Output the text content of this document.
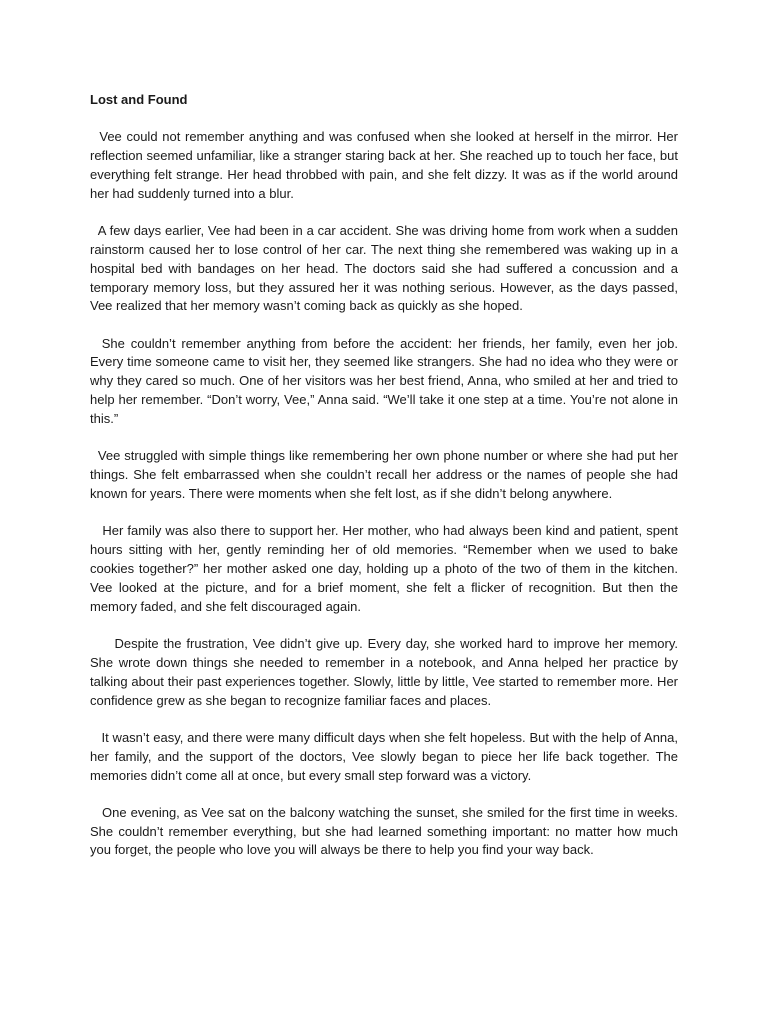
Lost and Found

Vee could not remember anything and was confused when she looked at herself in the mirror. Her reflection seemed unfamiliar, like a stranger staring back at her. She reached up to touch her face, but everything felt strange. Her head throbbed with pain, and she felt dizzy. It was as if the world around her had suddenly turned into a blur.

A few days earlier, Vee had been in a car accident. She was driving home from work when a sudden rainstorm caused her to lose control of her car. The next thing she remembered was waking up in a hospital bed with bandages on her head. The doctors said she had suffered a concussion and a temporary memory loss, but they assured her it was nothing serious. However, as the days passed, Vee realized that her memory wasn’t coming back as quickly as she hoped.

She couldn’t remember anything from before the accident: her friends, her family, even her job. Every time someone came to visit her, they seemed like strangers. She had no idea who they were or why they cared so much. One of her visitors was her best friend, Anna, who smiled at her and tried to help her remember. “Don’t worry, Vee,” Anna said. “We’ll take it one step at a time. You’re not alone in this.”

Vee struggled with simple things like remembering her own phone number or where she had put her things. She felt embarrassed when she couldn’t recall her address or the names of people she had known for years. There were moments when she felt lost, as if she didn’t belong anywhere.

Her family was also there to support her. Her mother, who had always been kind and patient, spent hours sitting with her, gently reminding her of old memories. “Remember when we used to bake cookies together?” her mother asked one day, holding up a photo of the two of them in the kitchen. Vee looked at the picture, and for a brief moment, she felt a flicker of recognition. But then the memory faded, and she felt discouraged again.

Despite the frustration, Vee didn’t give up. Every day, she worked hard to improve her memory. She wrote down things she needed to remember in a notebook, and Anna helped her practice by talking about their past experiences together. Slowly, little by little, Vee started to remember more. Her confidence grew as she began to recognize familiar faces and places.

It wasn’t easy, and there were many difficult days when she felt hopeless. But with the help of Anna, her family, and the support of the doctors, Vee slowly began to piece her life back together. The memories didn’t come all at once, but every small step forward was a victory.

One evening, as Vee sat on the balcony watching the sunset, she smiled for the first time in weeks. She couldn’t remember everything, but she had learned something important: no matter how much you forget, the people who love you will always be there to help you find your way back.
